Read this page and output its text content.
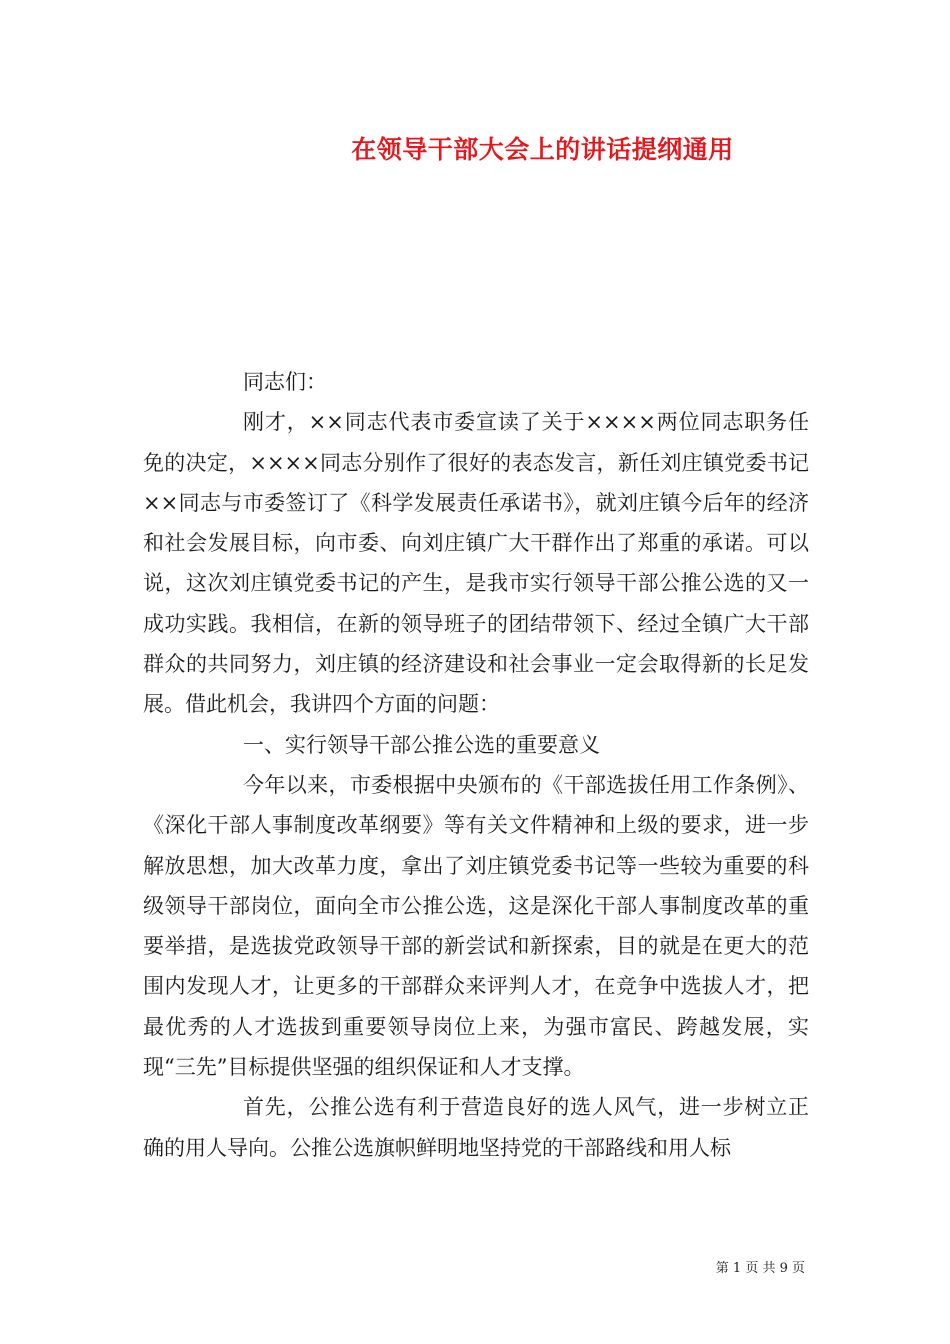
在领导干部大会上的讲话提纲通用

同志们：

刚才，××同志代表市委宣读了关于××××两位同志职务任免的决定，××××同志分别作了很好的表态发言，新任刘庄镇党委书记××同志与市委签订了《科学发展责任承诺书》，就刘庄镇今后年的经济和社会发展目标，向市委、向刘庄镇广大干群作出了郑重的承诺。可以说，这次刘庄镇党委书记的产生，是我市实行领导干部公推公选的又一成功实践。我相信，在新的领导班子的团结带领下、经过全镇广大干部群众的共同努力，刘庄镇的经济建设和社会事业一定会取得新的长足发展。借此机会，我讲四个方面的问题：

一、实行领导干部公推公选的重要意义

今年以来，市委根据中央颁布的《干部选拔任用工作条例》、《深化干部人事制度改革纲要》等有关文件精神和上级的要求，进一步解放思想，加大改革力度，拿出了刘庄镇党委书记等一些较为重要的科级领导干部岗位，面向全市公推公选，这是深化干部人事制度改革的重要举措，是选拔党政领导干部的新尝试和新探索，目的就是在更大的范围内发现人才，让更多的干部群众来评判人才，在竞争中选拔人才，把最优秀的人才选拔到重要领导岗位上来，为强市富民、跨越发展，实现“三先”目标提供坚强的组织保证和人才支撑。

首先，公推公选有利于营造良好的选人风气，进一步树立正确的用人导向。公推公选旗帜鲜明地坚持党的干部路线和用人标

第 1 页 共 9 页
